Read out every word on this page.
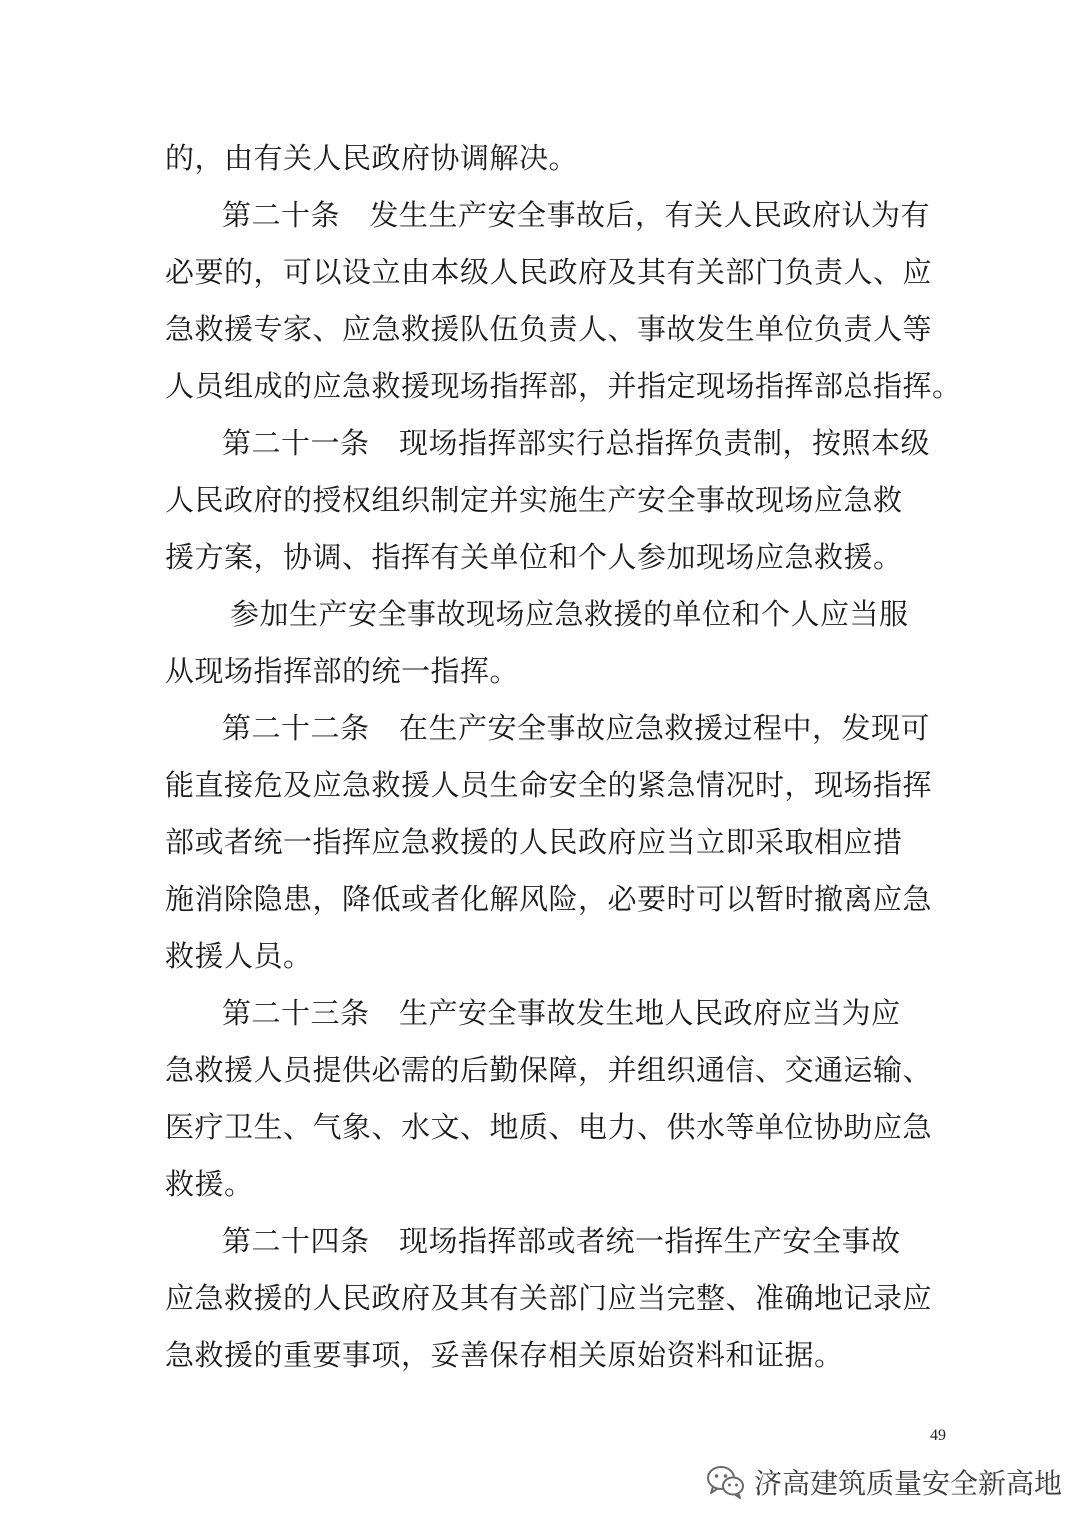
的，由有关人民政府协调解决。
第二十条　发生生产安全事故后，有关人民政府认为有
必要的，可以设立由本级人民政府及其有关部门负责人、应
急救援专家、应急救援队伍负责人、事故发生单位负责人等
人员组成的应急救援现场指挥部，并指定现场指挥部总指挥。
第二十一条　现场指挥部实行总指挥负责制，按照本级
人民政府的授权组织制定并实施生产安全事故现场应急救
援方案，协调、指挥有关单位和个人参加现场应急救援。
参加生产安全事故现场应急救援的单位和个人应当服
从现场指挥部的统一指挥。
第二十二条　在生产安全事故应急救援过程中，发现可
能直接危及应急救援人员生命安全的紧急情况时，现场指挥
部或者统一指挥应急救援的人民政府应当立即采取相应措
施消除隐患，降低或者化解风险，必要时可以暂时撤离应急
救援人员。
第二十三条　生产安全事故发生地人民政府应当为应
急救援人员提供必需的后勤保障，并组织通信、交通运输、
医疗卫生、气象、水文、地质、电力、供水等单位协助应急
救援。
第二十四条　现场指挥部或者统一指挥生产安全事故
应急救援的人民政府及其有关部门应当完整、准确地记录应
急救援的重要事项，妥善保存相关原始资料和证据。
49
济高建筑质量安全新高地
